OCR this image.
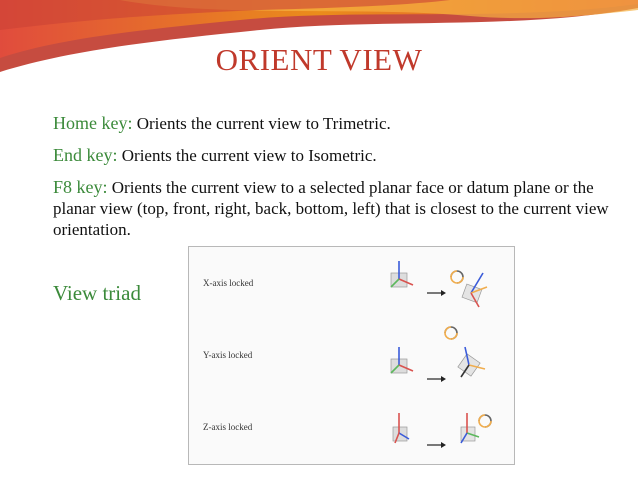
ORIENT VIEW
Home key: Orients the current view to Trimetric.
End key: Orients the current view to Isometric.
F8 key: Orients the current view to a selected planar face or datum plane or the planar view (top, front, right, back, bottom, left) that is closest to the current view orientation.
View triad	X-axis locked
Y-axis locked
Z-axis locked
